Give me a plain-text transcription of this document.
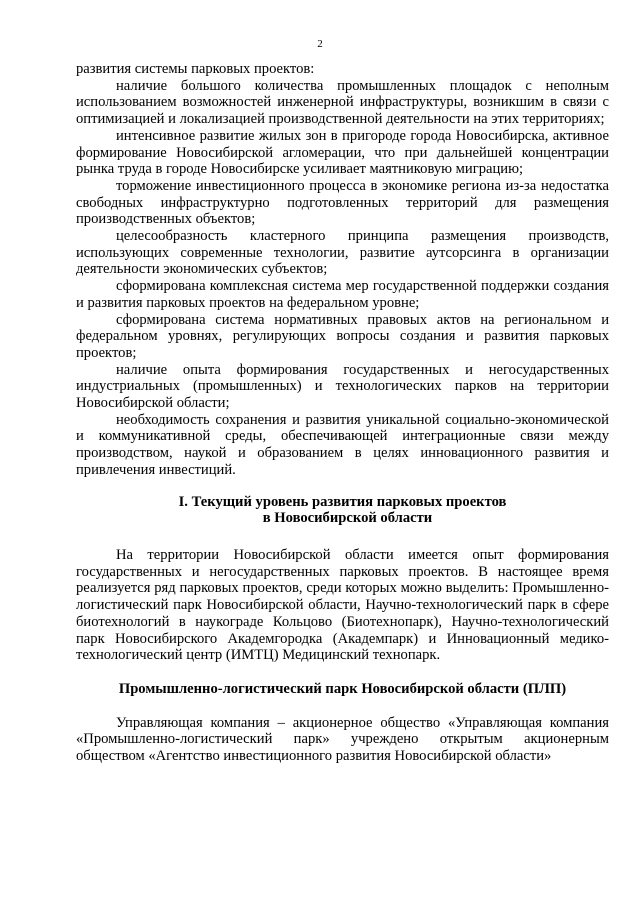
2

развития системы парковых проектов:

наличие большого количества промышленных площадок с неполным использованием возможностей инженерной инфраструктуры, возникшим в связи с оптимизацией и локализацией производственной деятельности на этих территориях;

интенсивное развитие жилых зон в пригороде города Новосибирска, активное формирование Новосибирской агломерации, что при дальнейшей концентрации рынка труда в городе Новосибирске усиливает маятниковую миграцию;

торможение инвестиционного процесса в экономике региона из-за недостатка свободных инфраструктурно подготовленных территорий для размещения производственных объектов;

целесообразность кластерного принципа размещения производств, использующих современные технологии, развитие аутсорсинга в организации деятельности экономических субъектов;

сформирована комплексная система мер государственной поддержки создания и развития парковых проектов на федеральном уровне;

сформирована система нормативных правовых актов на региональном и федеральном уровнях, регулирующих вопросы создания и развития парковых проектов;

наличие опыта формирования государственных и негосударственных индустриальных (промышленных) и технологических парков на территории Новосибирской области;

необходимость сохранения и развития уникальной социально-экономической и коммуникативной среды, обеспечивающей интеграционные связи между производством, наукой и образованием в целях инновационного развития и привлечения инвестиций.

I. Текущий уровень развития парковых проектов
в Новосибирской области

На территории Новосибирской области имеется опыт формирования государственных и негосударственных парковых проектов. В настоящее время реализуется ряд парковых проектов, среди которых можно выделить: Промышленно-логистический парк Новосибирской области, Научно-технологический парк в сфере биотехнологий в наукограде Кольцово (Биотехнопарк), Научно-технологический парк Новосибирского Академгородка (Академпарк) и Инновационный медико-технологический центр (ИМТЦ) Медицинский технопарк.

Промышленно-логистический парк Новосибирской области (ПЛП)

Управляющая компания – акционерное общество «Управляющая компания «Промышленно-логистический парк» учреждено открытым акционерным обществом «Агентство инвестиционного развития Новосибирской области»
